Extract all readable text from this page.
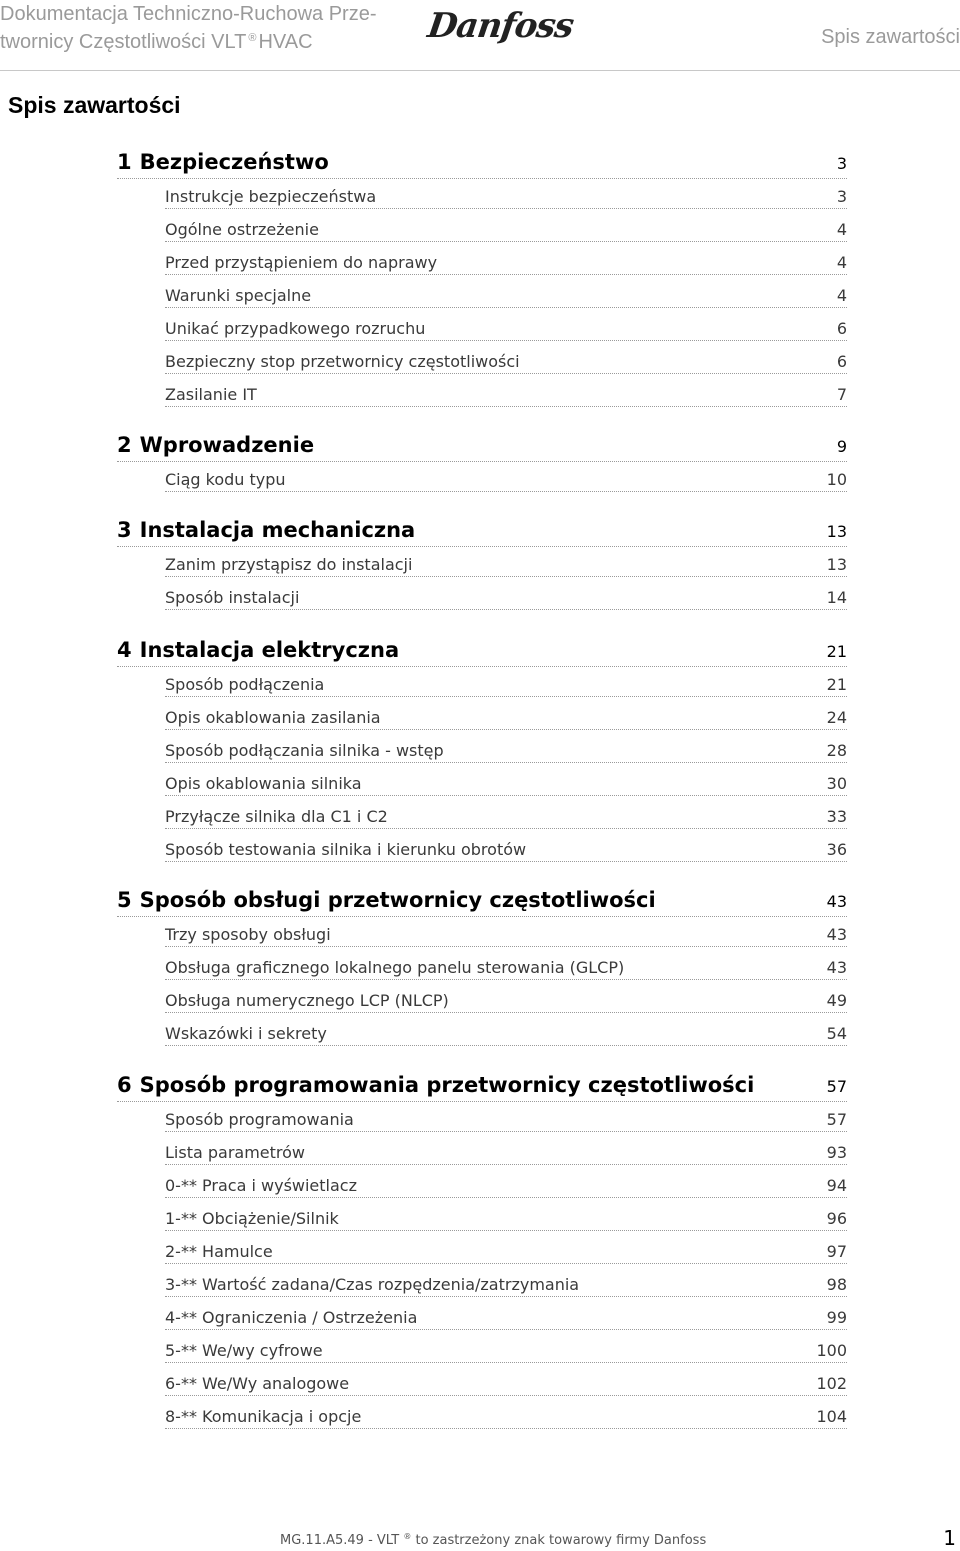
Dokumentacja Techniczno-Ruchowa Prze-
twornicy Częstotliwości VLT ® HVAC	Danfoss	Spis zawartości
Spis zawartości
1 Bezpieczeństwo	3
Instrukcje bezpieczeństwa	3
Ogólne ostrzeżenie	4
Przed przystąpieniem do naprawy	4
Warunki specjalne	4
Unikać przypadkowego rozruchu	6
Bezpieczny stop przetwornicy częstotliwości	6
Zasilanie IT	7
2 Wprowadzenie	9
Ciąg kodu typu	10
3 Instalacja mechaniczna	13
Zanim przystąpisz do instalacji	13
Sposób instalacji	14
4 Instalacja elektryczna	21
Sposób podłączenia	21
Opis okablowania zasilania	24
Sposób podłączania silnika - wstęp	28
Opis okablowania silnika	30
Przyłącze silnika dla C1 i C2	33
Sposób testowania silnika i kierunku obrotów	36
5 Sposób obsługi przetwornicy częstotliwości	43
Trzy sposoby obsługi	43
Obsługa graficznego lokalnego panelu sterowania (GLCP)	43
Obsługa numerycznego LCP (NLCP)	49
Wskazówki i sekrety	54
6 Sposób programowania przetwornicy częstotliwości	57
Sposób programowania	57
Lista parametrów	93
0-** Praca i wyświetlacz	94
1-** Obciążenie/Silnik	96
2-** Hamulce	97
3-** Wartość zadana/Czas rozpędzenia/zatrzymania	98
4-** Ograniczenia / Ostrzeżenia	99
5-** We/wy cyfrowe	100
6-** We/Wy analogowe	102
8-** Komunikacja i opcje	104
MG.11.A5.49 - VLT ® to zastrzeżony znak towarowy firmy Danfoss	1
